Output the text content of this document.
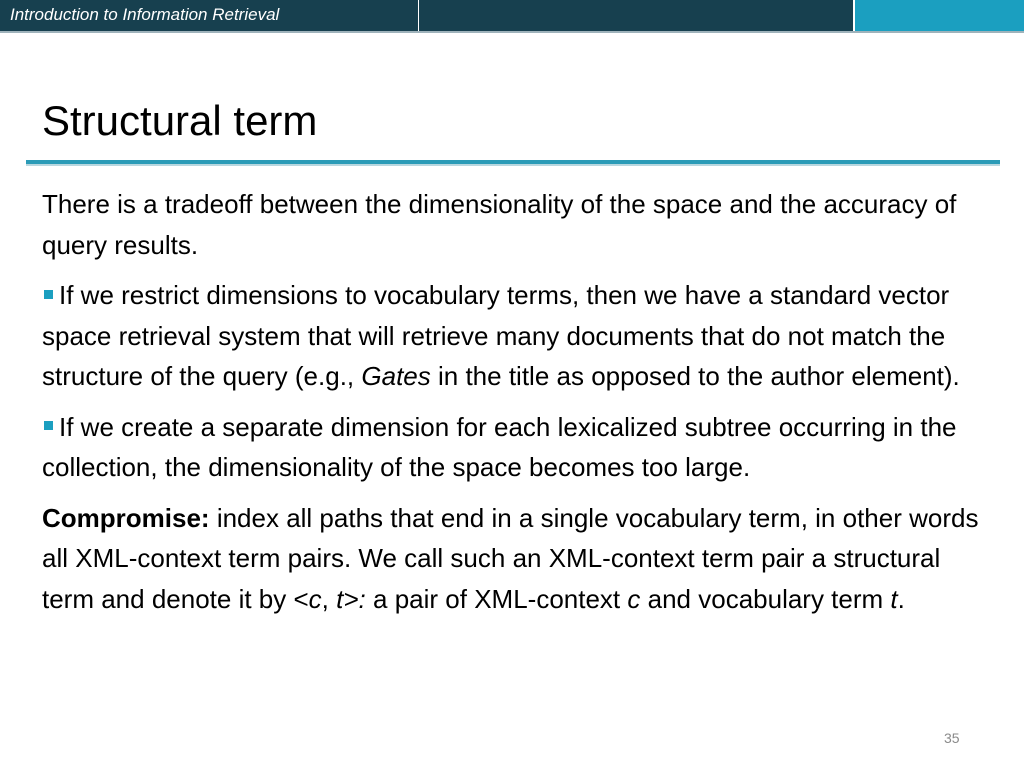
Introduction to Information Retrieval
Structural term

There is a tradeoff between the dimensionality of the space and the accuracy of query results.

If we restrict dimensions to vocabulary terms, then we have a standard vector space retrieval system that will retrieve many documents that do not match the structure of the query (e.g., Gates in the title as opposed to the author element).

If we create a separate dimension for each lexicalized subtree occurring in the collection, the dimensionality of the space becomes too large.

Compromise: index all paths that end in a single vocabulary term, in other words all XML-context term pairs. We call such an XML-context term pair a structural term and denote it by <c, t>: a pair of XML-context c and vocabulary term t.

35
